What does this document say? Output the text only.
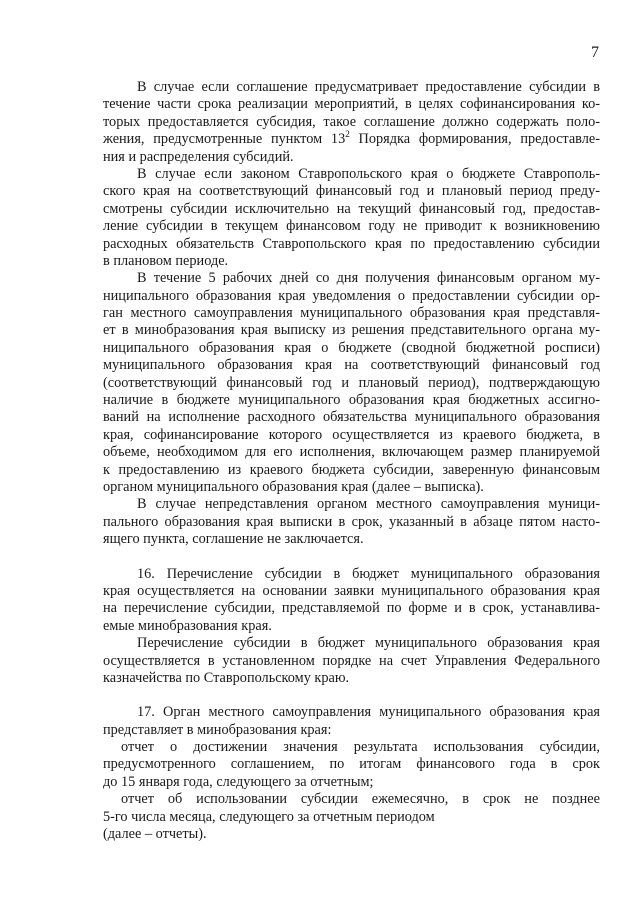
7
В случае если соглашение предусматривает предоставление субсидии в
течение части срока реализации мероприятий, в целях софинансирования ко-
торых предоставляется субсидия, такое соглашение должно содержать поло-
жения, предусмотренные пунктом $13^2$ Порядка формирования, предоставле-
ния и распределения субсидий.
В случае если законом Ставропольского края о бюджете Ставрополь-
ского края на соответствующий финансовый год и плановый период преду-
смотрены субсидии исключительно на текущий финансовый год, предостав-
ление субсидии в текущем финансовом году не приводит к возникновению
расходных обязательств Ставропольского края по предоставлению субсидии
в плановом периоде.
В течение 5 рабочих дней со дня получения финансовым органом му-
ниципального образования края уведомления о предоставлении субсидии ор-
ган местного самоуправления муниципального образования края представля-
ет в минобразования края выписку из решения представительного органа му-
ниципального образования края о бюджете (сводной бюджетной росписи)
муниципального образования края на соответствующий финансовый год
(соответствующий финансовый год и плановый период), подтверждающую
наличие в бюджете муниципального образования края бюджетных ассигно-
ваний на исполнение расходного обязательства муниципального образования
края, софинансирование которого осуществляется из краевого бюджета, в
объеме, необходимом для его исполнения, включающем размер планируемой
к предоставлению из краевого бюджета субсидии, заверенную финансовым
органом муниципального образования края (далее – выписка).
В случае непредставления органом местного самоуправления муници-
пального образования края выписки в срок, указанный в абзаце пятом насто-
ящего пункта, соглашение не заключается.
16. Перечисление субсидии в бюджет муниципального образования
края осуществляется на основании заявки муниципального образования края
на перечисление субсидии, представляемой по форме и в срок, устанавлива-
емые минобразования края.
Перечисление субсидии в бюджет муниципального образования края
осуществляется в установленном порядке на счет Управления Федерального
казначейства по Ставропольскому краю.
17. Орган местного самоуправления муниципального образования края
представляет в минобразования края:
отчет о достижении значения результата использования субсидии,
предусмотренного соглашением, по итогам финансового года в срок
до 15 января года, следующего за отчетным;
отчет об использовании субсидии ежемесячно, в срок не позднее
5-го числа месяца, следующего за отчетным периодом
(далее – отчеты).
